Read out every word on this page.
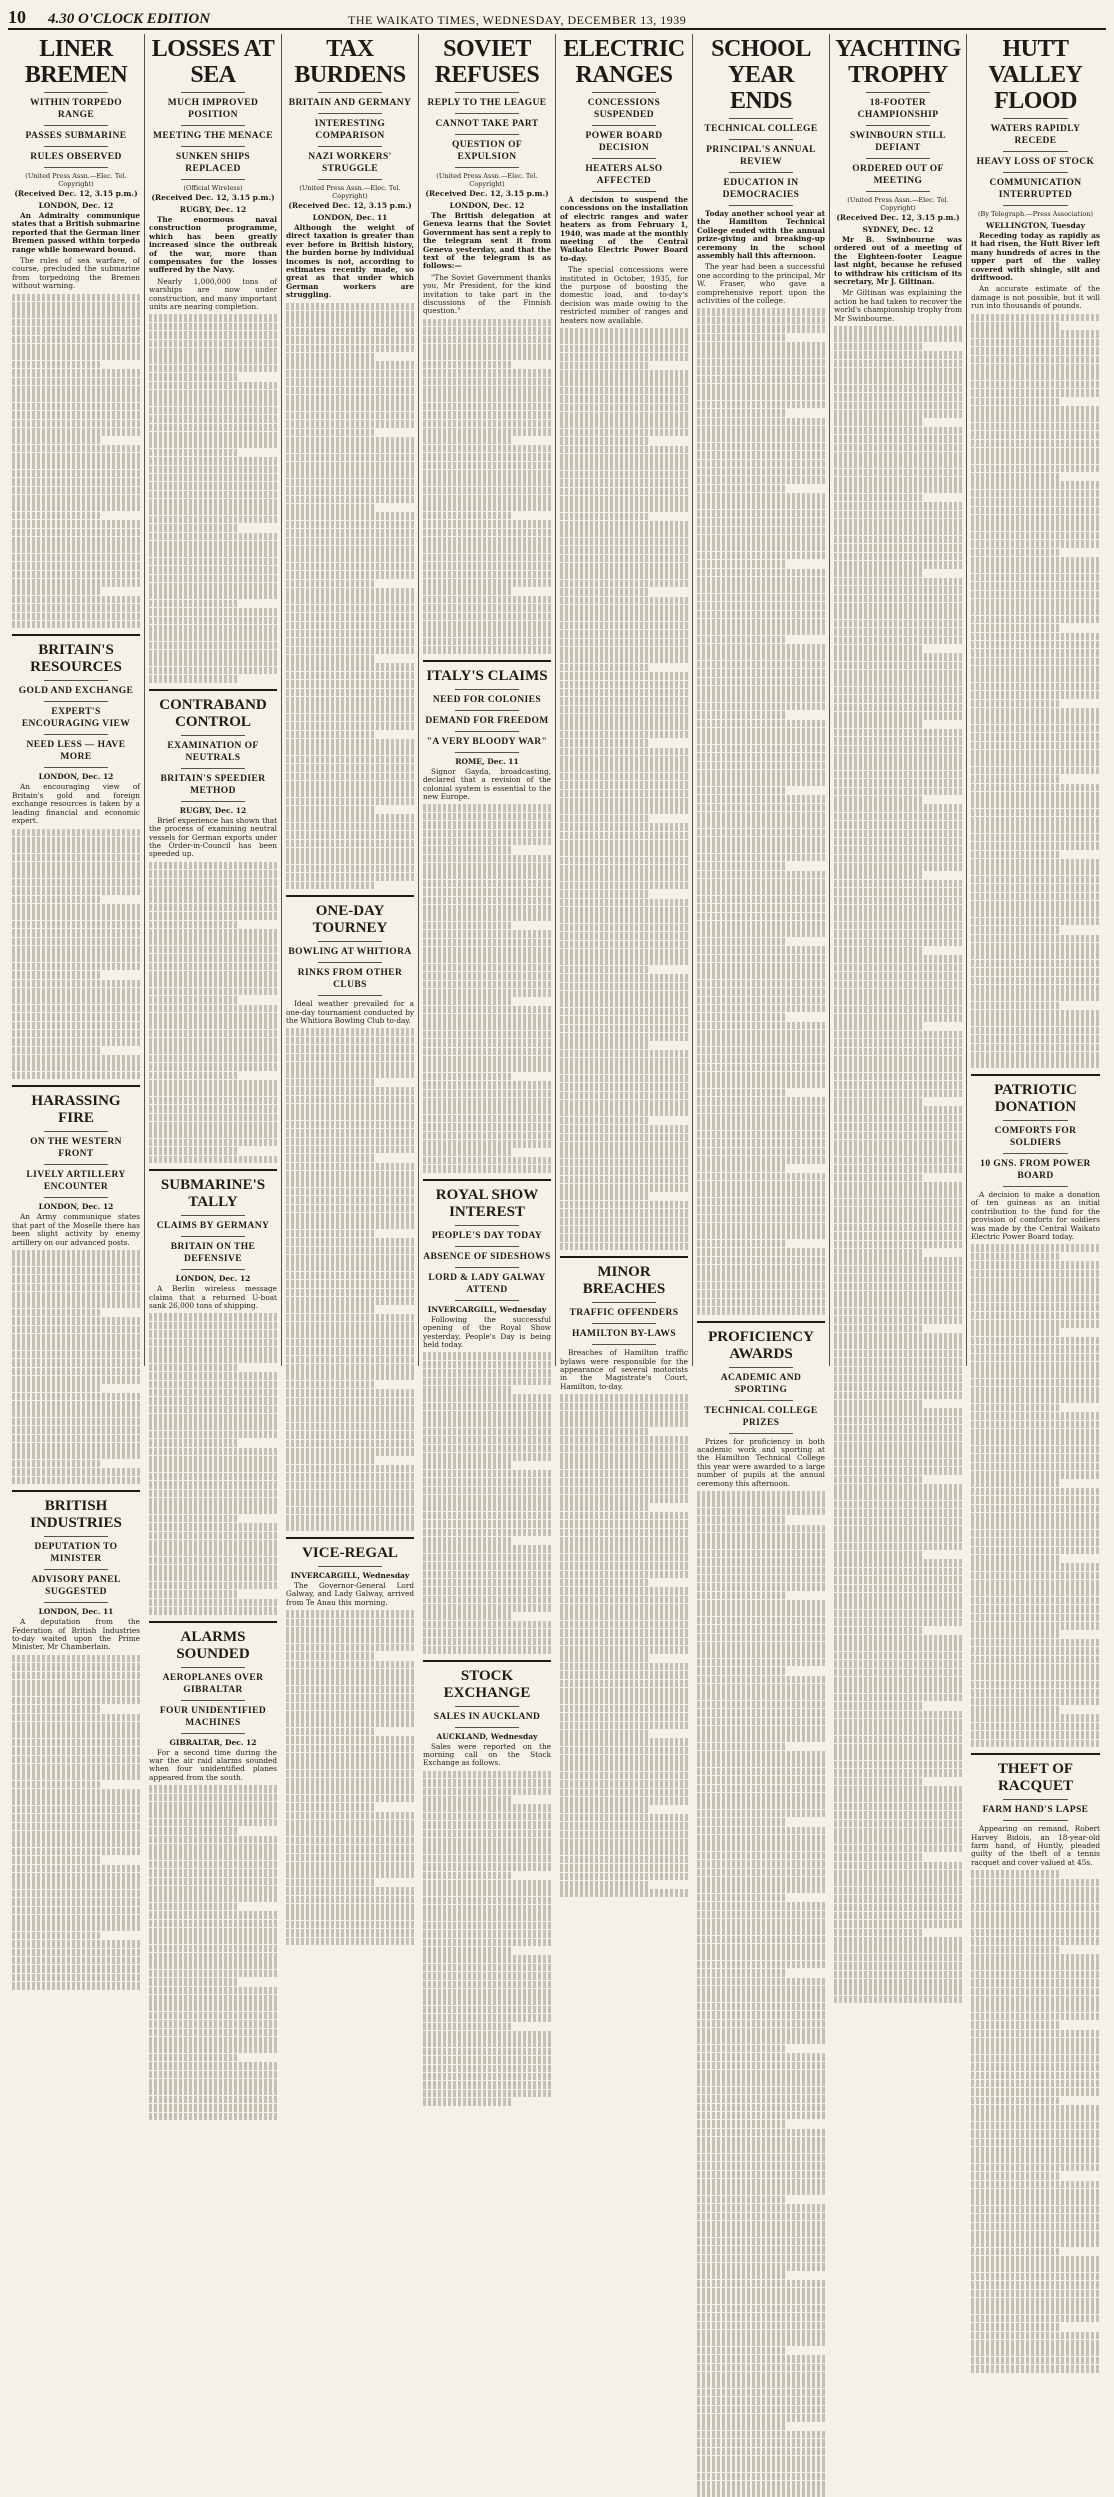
10	4.30 O'CLOCK EDITION	THE WAIKATO TIMES, WEDNESDAY, DECEMBER 13, 1939
LINER BREMEN
WITHIN TORPEDO RANGE
PASSES SUBMARINE
RULES OBSERVED
(United Press Assn.—Elec. Tel. Copyright)
(Received Dec. 12, 3.15 p.m.)
LONDON, Dec. 12

An Admiralty communique states that a British submarine reported that the German liner Bremen passed within torpedo range while homeward bound.

The rules of sea warfare, of course, precluded the submarine from torpedoing the Bremen without warning.

BRITAIN'S RESOURCES
GOLD AND EXCHANGE
EXPERT'S ENCOURAGING VIEW
NEED LESS — HAVE MORE
LONDON, Dec. 12

An encouraging view of Britain's gold and foreign exchange resources is taken by a leading financial and economic expert.

HARASSING FIRE
ON THE WESTERN FRONT
LIVELY ARTILLERY ENCOUNTER
LONDON, Dec. 12

An Army communique states that part of the Moselle there has been slight activity by enemy artillery on our advanced posts.

BRITISH INDUSTRIES
DEPUTATION TO MINISTER
ADVISORY PANEL SUGGESTED
LONDON, Dec. 11

A deputation from the Federation of British Industries to-day waited upon the Prime Minister, Mr Chamberlain.

LOSSES AT SEA
MUCH IMPROVED POSITION
MEETING THE MENACE
SUNKEN SHIPS REPLACED
(Official Wireless)
(Received Dec. 12, 3.15 p.m.)
RUGBY, Dec. 12

The enormous naval construction programme, which has been greatly increased since the outbreak of the war, more than compensates for the losses suffered by the Navy.

Nearly 1,000,000 tons of warships are now under construction, and many important units are nearing completion.

CONTRABAND CONTROL
EXAMINATION OF NEUTRALS
BRITAIN'S SPEEDIER METHOD
RUGBY, Dec. 12

Brief experience has shown that the process of examining neutral vessels for German exports under the Order-in-Council has been speeded up.

SUBMARINE'S TALLY
CLAIMS BY GERMANY
BRITAIN ON THE DEFENSIVE
LONDON, Dec. 12

A Berlin wireless message claims that a returned U-boat sank 26,000 tons of shipping.

ALARMS SOUNDED
AEROPLANES OVER GIBRALTAR
FOUR UNIDENTIFIED MACHINES
GIBRALTAR, Dec. 12

For a second time during the war the air raid alarms sounded when four unidentified planes appeared from the south.

TAX BURDENS
BRITAIN AND GERMANY
INTERESTING COMPARISON
NAZI WORKERS' STRUGGLE
(United Press Assn.—Elec. Tel. Copyright)
(Received Dec. 12, 3.15 p.m.)
LONDON, Dec. 11

Although the weight of direct taxation is greater than ever before in British history, the burden borne by individual incomes is not, according to estimates recently made, so great as that under which German workers are struggling.

ONE-DAY TOURNEY
BOWLING AT WHITIORA
RINKS FROM OTHER CLUBS

Ideal weather prevailed for a one-day tournament conducted by the Whitiora Bowling Club to-day.

VICE-REGAL
INVERCARGILL, Wednesday

The Governor-General Lord Galway, and Lady Galway, arrived from Te Anau this morning.

SOVIET REFUSES
REPLY TO THE LEAGUE
CANNOT TAKE PART
QUESTION OF EXPULSION
(United Press Assn.—Elec. Tel. Copyright)
(Received Dec. 12, 3.15 p.m.)
LONDON, Dec. 12

The British delegation at Geneva learns that the Soviet Government has sent a reply to the telegram sent it from Geneva yesterday, and that the text of the telegram is as follows:—

"The Soviet Government thanks you, Mr President, for the kind invitation to take part in the discussions of the Finnish question."

ITALY'S CLAIMS
NEED FOR COLONIES
DEMAND FOR FREEDOM
"A VERY BLOODY WAR"
ROME, Dec. 11

Signor Gayda, broadcasting, declared that a revision of the colonial system is essential to the new Europe.

ROYAL SHOW INTEREST
PEOPLE'S DAY TODAY
ABSENCE OF SIDESHOWS
LORD & LADY GALWAY ATTEND
INVERCARGILL, Wednesday

Following the successful opening of the Royal Show yesterday, People's Day is being held today.

STOCK EXCHANGE
SALES IN AUCKLAND
AUCKLAND, Wednesday

Sales were reported on the morning call on the Stock Exchange as follows.

ELECTRIC RANGES
CONCESSIONS SUSPENDED
POWER BOARD DECISION
HEATERS ALSO AFFECTED

A decision to suspend the concessions on the installation of electric ranges and water heaters as from February 1, 1940, was made at the monthly meeting of the Central Waikato Electric Power Board to-day.

The special concessions were instituted in October, 1935, for the purpose of boosting the domestic load, and to-day's decision was made owing to the restricted number of ranges and heaters now available.

MINOR BREACHES
TRAFFIC OFFENDERS
HAMILTON BY-LAWS

Breaches of Hamilton traffic bylaws were responsible for the appearance of several motorists in the Magistrate's Court, Hamilton, to-day.

SCHOOL YEAR ENDS
TECHNICAL COLLEGE
PRINCIPAL'S ANNUAL REVIEW
EDUCATION IN DEMOCRACIES

Today another school year at the Hamilton Technical College ended with the annual prize-giving and breaking-up ceremony in the school assembly hall this afternoon.

The year had been a successful one according to the principal, Mr W. Fraser, who gave a comprehensive report upon the activities of the college.

PROFICIENCY AWARDS
ACADEMIC AND SPORTING
TECHNICAL COLLEGE PRIZES

Prizes for proficiency in both academic work and sporting at the Hamilton Technical College this year were awarded to a large number of pupils at the annual ceremony this afternoon.

YACHTING TROPHY
18-FOOTER CHAMPIONSHIP
SWINBOURN STILL DEFIANT
ORDERED OUT OF MEETING
(United Press Assn.—Elec. Tel. Copyright)
(Received Dec. 12, 3.15 p.m.)
SYDNEY, Dec. 12

Mr B. Swinbourne was ordered out of a meeting of the Eighteen-footer League last night, because he refused to withdraw his criticism of its secretary, Mr J. Giltinan.

Mr Giltinan was explaining the action he had taken to recover the world's championship trophy from Mr Swinbourne.

HUTT VALLEY FLOOD
WATERS RAPIDLY RECEDE
HEAVY LOSS OF STOCK
COMMUNICATION INTERRUPTED
(By Telegraph.—Press Association)
WELLINGTON, Tuesday

Receding today as rapidly as it had risen, the Hutt River left many hundreds of acres in the upper part of the valley covered with shingle, silt and driftwood.

An accurate estimate of the damage is not possible, but it will run into thousands of pounds.

PATRIOTIC DONATION
COMFORTS FOR SOLDIERS
10 GNS. FROM POWER BOARD

A decision to make a donation of ten guineas as an initial contribution to the fund for the provision of comforts for soldiers was made by the Central Waikato Electric Power Board today.

THEFT OF RACQUET
FARM HAND'S LAPSE

Appearing on remand, Robert Harvey Bidois, an 18-year-old farm hand, of Huntly, pleaded guilty of the theft of a tennis racquet and cover valued at 45s.
